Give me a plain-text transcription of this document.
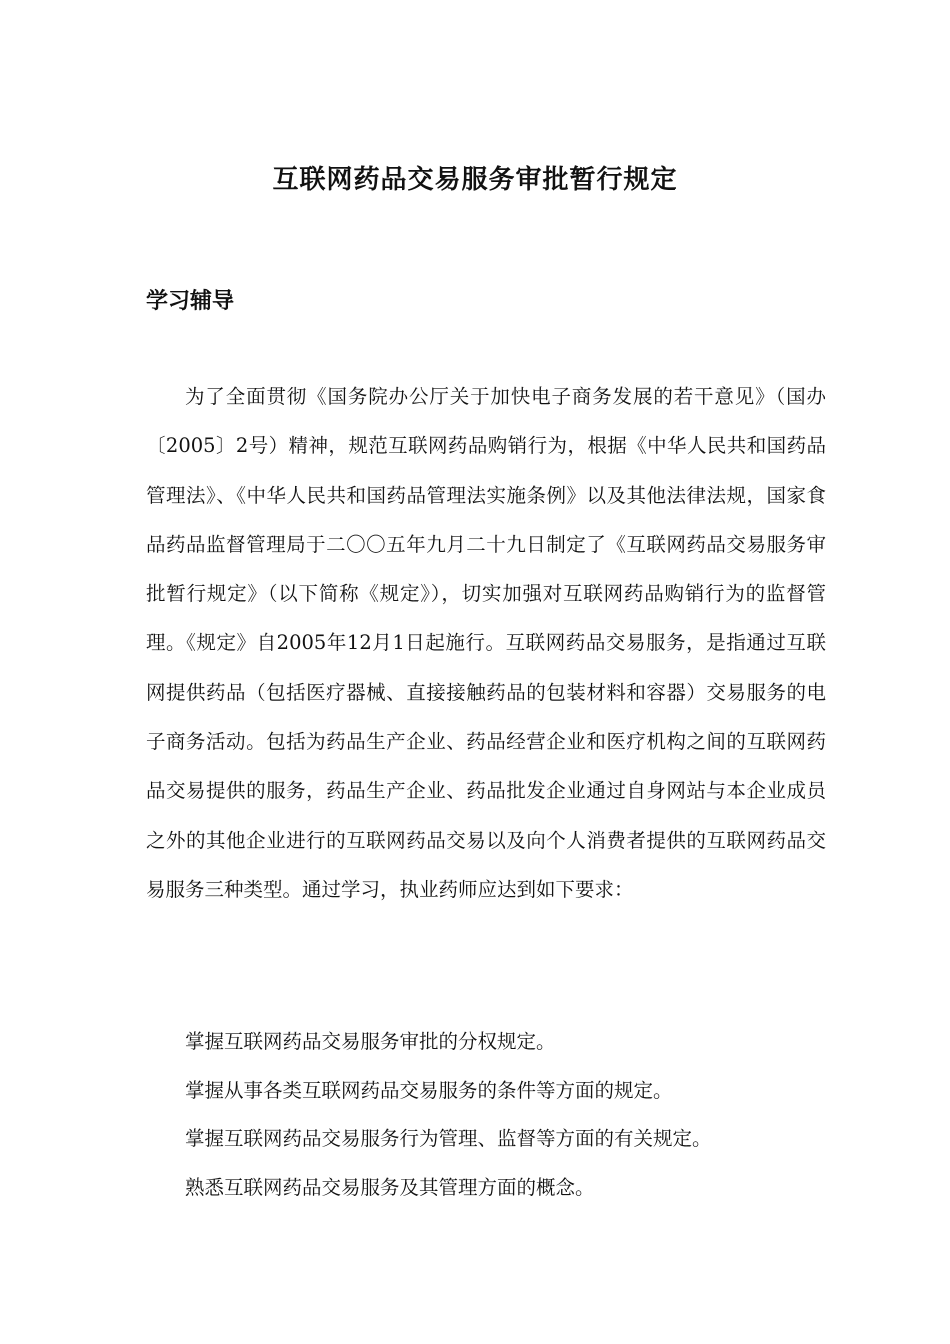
互联网药品交易服务审批暂行规定
学习辅导

为了全面贯彻《国务院办公厅关于加快电子商务发展的若干意见》（国办〔2005〕2号）精神，规范互联网药品购销行为，根据《中华人民共和国药品管理法》、《中华人民共和国药品管理法实施条例》以及其他法律法规，国家食品药品监督管理局于二〇〇五年九月二十九日制定了《互联网药品交易服务审批暂行规定》（以下简称《规定》），切实加强对互联网药品购销行为的监督管理。《规定》自2005年12月1日起施行。互联网药品交易服务，是指通过互联网提供药品（包括医疗器械、直接接触药品的包装材料和容器）交易服务的电子商务活动。包括为药品生产企业、药品经营企业和医疗机构之间的互联网药品交易提供的服务，药品生产企业、药品批发企业通过自身网站与本企业成员之外的其他企业进行的互联网药品交易以及向个人消费者提供的互联网药品交易服务三种类型。通过学习，执业药师应达到如下要求：

掌握互联网药品交易服务审批的分权规定。
掌握从事各类互联网药品交易服务的条件等方面的规定。
掌握互联网药品交易服务行为管理、监督等方面的有关规定。
熟悉互联网药品交易服务及其管理方面的概念。
